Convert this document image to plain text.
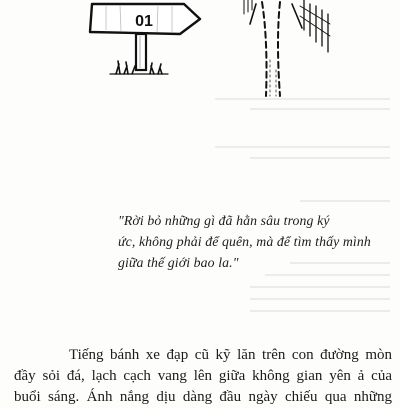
01

"Rời bỏ những gì đã hằn sâu trong ký
ức, không phải để quên, mà để tìm thấy mình
giữa thế giới bao la."

Tiếng bánh xe đạp cũ kỹ lăn trên con đường mòn
đầy sỏi đá, lạch cạch vang lên giữa không gian yên ả của
buổi sáng. Ánh nắng dịu dàng đầu ngày chiếu qua những
